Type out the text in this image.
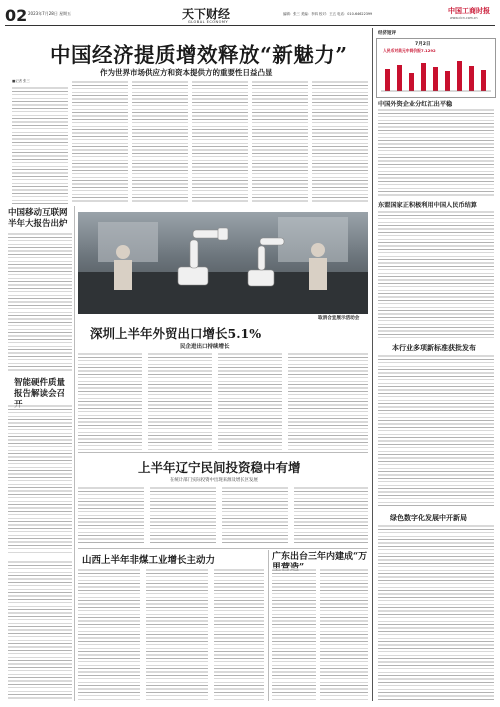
02 2023年7月28日 星期五	天下财经
GLOBAL ECONOMY
编辑：张三 美编：李四 校对：王五 电话：010-64622399	中国工商时报
www.cicn.com.cn
中国经济提质增效释放“新魅力”
作为世界市场供应方和资本提供方的重要性日益凸显
■记者 张三
中国移动互联网半年大报告出炉
智能硬件质量报告解读会召
取消合宜展示活动会
深圳上半年外贸出口增长5.1%
民企进出口持续增长
上半年辽宁民间投资稳中有增
在统计部门实际投资中出现来源及增长区发展
山西上半年非煤工业增长主动力	广东出台三年内建成“万
经济短评
7月2日
人民币对美元中间价报7.1292
中国外资企业分红汇出平稳
东盟国家正积极利用中国人民币结算
本行业多项新标准获批发布
绿色数字化发展中开新局
